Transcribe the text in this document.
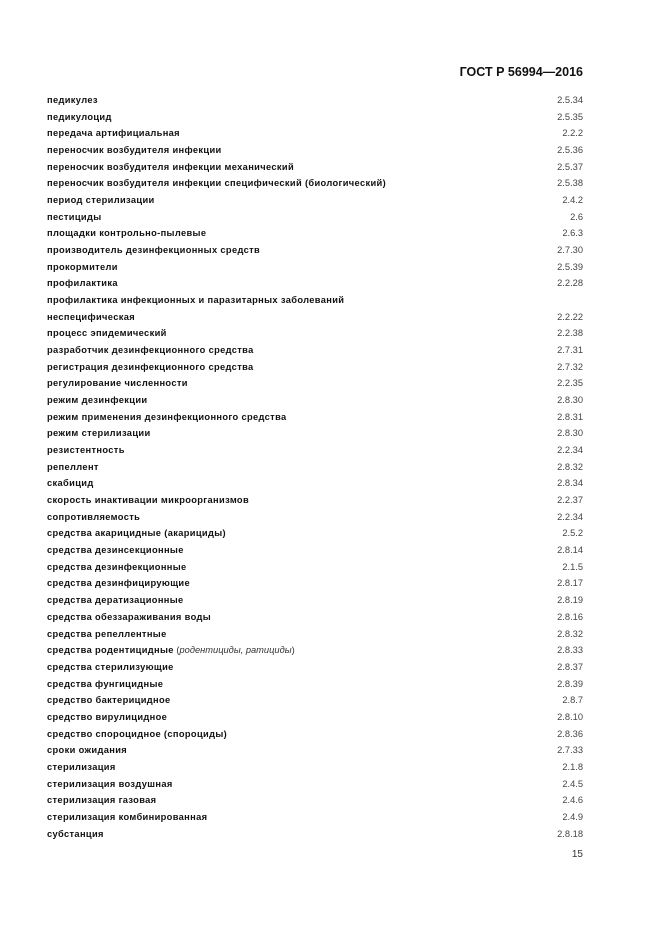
ГОСТ Р 56994—2016
педикулез	2.5.34
педикулоцид	2.5.35
передача артифициальная	2.2.2
переносчик возбудителя инфекции	2.5.36
переносчик возбудителя инфекции механический	2.5.37
переносчик возбудителя инфекции специфический (биологический)	2.5.38
период стерилизации	2.4.2
пестициды	2.6
площадки контрольно-пылевые	2.6.3
производитель дезинфекционных средств	2.7.30
прокормители	2.5.39
профилактика	2.2.28
профилактика инфекционных и паразитарных заболеваний
неспецифическая	2.2.22
процесс эпидемический	2.2.38
разработчик дезинфекционного средства	2.7.31
регистрация дезинфекционного средства	2.7.32
регулирование численности	2.2.35
режим дезинфекции	2.8.30
режим применения дезинфекционного средства	2.8.31
режим стерилизации	2.8.30
резистентность	2.2.34
репеллент	2.8.32
скабицид	2.8.34
скорость инактивации микроорганизмов	2.2.37
сопротивляемость	2.2.34
средства акарицидные (акарициды)	2.5.2
средства дезинсекционные	2.8.14
средства дезинфекционные	2.1.5
средства дезинфицирующие	2.8.17
средства дератизационные	2.8.19
средства обеззараживания воды	2.8.16
средства репеллентные	2.8.32
средства родентицидные (родентициды, ратициды)	2.8.33
средства стерилизующие	2.8.37
средства фунгицидные	2.8.39
средство бактерицидное	2.8.7
средство вирулицидное	2.8.10
средство спороцидное (спороциды)	2.8.36
сроки ожидания	2.7.33
стерилизация	2.1.8
стерилизация воздушная	2.4.5
стерилизация газовая	2.4.6
стерилизация комбинированная	2.4.9
субстанция	2.8.18
15
